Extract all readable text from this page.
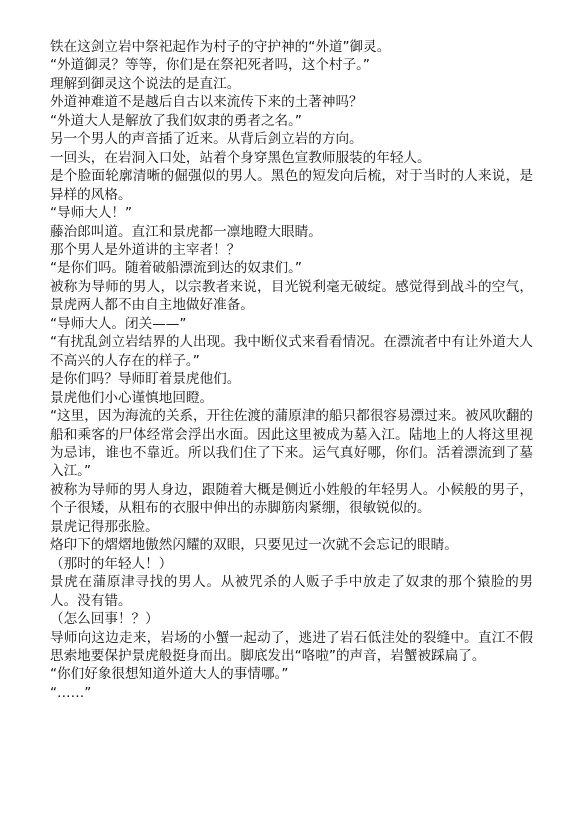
铁在这剑立岩中祭祀起作为村子的守护神的“外道”御灵。

“外道御灵？等等，你们是在祭祀死者吗，这个村子。”

理解到御灵这个说法的是直江。

外道神难道不是越后自古以来流传下来的土著神吗？

“外道大人是解放了我们奴隶的勇者之名。”

另一个男人的声音插了近来。从背后剑立岩的方向。

一回头，在岩洞入口处，站着个身穿黑色宣教师服装的年轻人。

是个脸面轮廓清晰的倔强似的男人。黑色的短发向后梳，对于当时的人来说，是异样的风格。

“导师大人！”

藤治郎叫道。直江和景虎都一凛地瞪大眼睛。

那个男人是外道讲的主宰者！？

“是你们吗。随着破船漂流到达的奴隶们。”

被称为导师的男人，以宗教者来说，目光锐利毫无破绽。感觉得到战斗的空气，景虎两人都不由自主地做好准备。

“导师大人。闭关——”

“有扰乱剑立岩结界的人出现。我中断仪式来看看情况。在漂流者中有让外道大人不高兴的人存在的样子。”

是你们吗？导师盯着景虎他们。

景虎他们小心谨慎地回瞪。

“这里，因为海流的关系，开往佐渡的蒲原津的船只都很容易漂过来。被风吹翻的船和乘客的尸体经常会浮出水面。因此这里被成为墓入江。陆地上的人将这里视为忌讳，谁也不靠近。所以我们住了下来。运气真好哪，你们。活着漂流到了墓入江。”

被称为导师的男人身边，跟随着大概是侧近小姓般的年轻男人。小候般的男子，个子很矮，从粗布的衣服中伸出的赤脚筋肉紧绷，很敏锐似的。

景虎记得那张脸。

烙印下的熠熠地傲然闪耀的双眼，只要见过一次就不会忘记的眼睛。

（那时的年轻人！）

景虎在蒲原津寻找的男人。从被咒杀的人贩子手中放走了奴隶的那个猿脸的男人。没有错。

（怎么回事！？）

导师向这边走来，岩场的小蟹一起动了，逃进了岩石低洼处的裂缝中。直江不假思索地要保护景虎般挺身而出。脚底发出“咯啦”的声音，岩蟹被踩扁了。

“你们好象很想知道外道大人的事情哪。”

“……”
